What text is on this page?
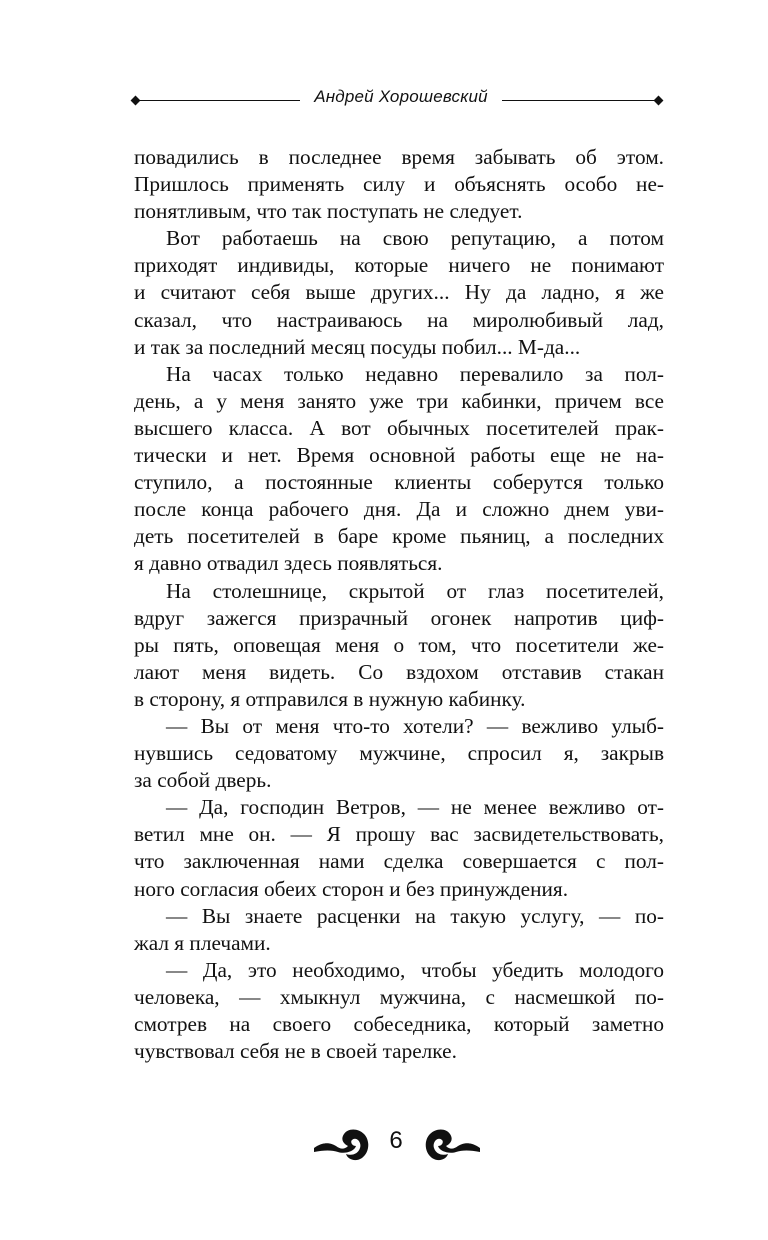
Андрей Хорошевский
повадились в последнее время забывать об этом.
Пришлось применять силу и объяснять особо не-
понятливым, что так поступать не следует.
Вот работаешь на свою репутацию, а потом
приходят индивиды, которые ничего не понимают
и считают себя выше других... Ну да ладно, я же
сказал, что настраиваюсь на миролюбивый лад,
и так за последний месяц посуды побил... М-да...
На часах только недавно перевалило за пол-
день, а у меня занято уже три кабинки, причем все
высшего класса. А вот обычных посетителей прак-
тически и нет. Время основной работы еще не на-
ступило, а постоянные клиенты соберутся только
после конца рабочего дня. Да и сложно днем уви-
деть посетителей в баре кроме пьяниц, а последних
я давно отвадил здесь появляться.
На столешнице, скрытой от глаз посетителей,
вдруг зажегся призрачный огонек напротив циф-
ры пять, оповещая меня о том, что посетители же-
лают меня видеть. Со вздохом отставив стакан
в сторону, я отправился в нужную кабинку.
— Вы от меня что-то хотели? — вежливо улыб-
нувшись седоватому мужчине, спросил я, закрыв
за собой дверь.
— Да, господин Ветров, — не менее вежливо от-
ветил мне он. — Я прошу вас засвидетельствовать,
что заключенная нами сделка совершается с пол-
ного согласия обеих сторон и без принуждения.
— Вы знаете расценки на такую услугу, — по-
жал я плечами.
— Да, это необходимо, чтобы убедить молодого
человека, — хмыкнул мужчина, с насмешкой по-
смотрев на своего собеседника, который заметно
чувствовал себя не в своей тарелке.
6
